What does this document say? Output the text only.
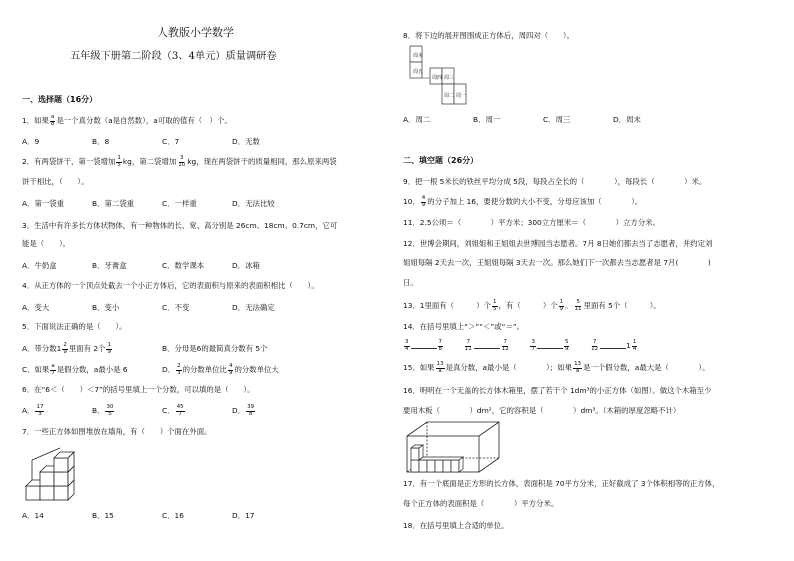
人教版小学数学
五年级下册第二阶段（3、4单元）质量调研卷
一、选择题（16分）
1．如果 $\frac{a}{8}$ 是一个真分数（a是自然数），a可取的值有（　）个。
A．9	B．8	C．7	D．无数
2．有两袋饼干，第一袋增加 $\frac{1}{5}$ kg，第二袋增加 $\frac{3}{10}$ kg，现在两袋饼干的质量相同，那么原来两袋
饼干相比，（　　）。
A．第一袋重	B．第二袋重	C．一样重	D．无法比较
3．生活中有许多长方体状物体，有一种物体的长、宽、高分别是 26cm、18cm、0.7cm，它可
能是（　　）。
A．牛奶盒	B．牙膏盒	C．数学课本	D．冰箱
4．从正方体的一个顶点处截去一个小正方体后，它的表面积与原来的表面积相比（　　）。
A．变大	B．变小	C．不变	D．无法确定
5．下面说法正确的是（　　）。
A．带分数$1 \frac{2}{9}$ 里面有 2个 $\frac{1}{9}$	B．分母是6的最简真分数有 5个
C．如果 $\frac{a}{7}$ 是假分数，a最小是 6	D． $\frac{2}{3}$ 的分数单位比 $\frac{4}{9}$ 的分数单位大
6．在“6＜（　　）＜7”的括号里填上一个分数，可以填的是（　　）。
A． $\frac{17}{3}$	B． $\frac{30}{5}$	C． $\frac{45}{7}$	D． $\frac{39}{8}$
7．一些正方体如图堆放在墙角，有（　　）个面在外面。
A．14	B．15	C．16	D．17
8．将下边的展开图围成正方体后，周四对（　　）。
周末
周五
周四 周三
周二 周一
A．周二	B．周一	C．周三	D．周末
二、填空题（26分）
9．把一根 5米长的铁丝平均分成 5段，每段占全长的（　　　　），每段长（　　　　）米。
10． $\frac{4}{9}$ 的分子加上 16，要使分数的大小不变，分母应该加（　　　　）。
11．2.5公顷＝（　　　　）平方米；300立方厘米＝（　　　　）立方分米。
12．世博会期间，刘姐姐和王姐姐去世博园当志愿者。7月 8日她们都去当了志愿者，并约定刘
姐姐每隔 2天去一次，王姐姐每隔 3天去一次。那么她们下一次都去当志愿者是 7月(　　　　)
日。
13．1里面有（　　　）个 $\frac{1}{5}$ ，有（　　　）个 $\frac{1}{9}$ 。 $\frac{5}{11}$ 里面有 5个（　　　）。
14．在括号里填上“＞”“＜”或“＝”。
$\frac{3}{4}$	$\frac{7}{8}$
	$\frac{7}{11}$	$\frac{7}{12}$
	$\frac{3}{7}$	$\frac{5}{9}$
	$\frac{7}{12}$	$1 \frac{1}{4}$
15．如果 $\frac{13}{a}$ 是真分数，a最小是（　　　　）；如果 $\frac{13}{a}$ 是一个假分数，a最大是（　　　　）。
16．明明在一个无盖的长方体木箱里，摆了若干个 1dm³的小正方体（如图）。做这个木箱至少
要用木板（　　　　）dm²，它的容积是（　　　　）dm³。（木箱的厚度忽略不计）
17．有一个底面是正方形的长方体，表面积是 70平方分米，正好截成了 3个体积相等的正方体，
每个正方体的表面积是（　　　　）平方分米。
18．在括号里填上合适的单位。
